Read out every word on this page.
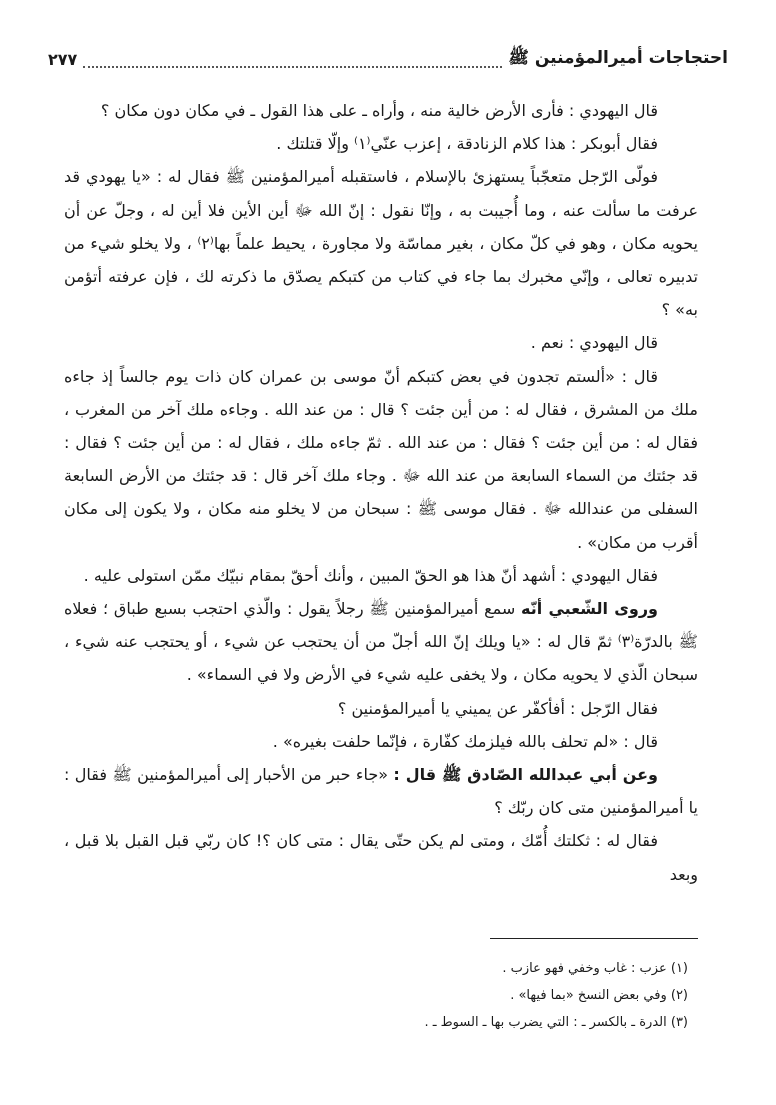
احتجاجات أميرالمؤمنين ﷺ
٢٧٧

قال اليهودي : فأرى الأرض خالية منه ، وأراه ـ على هذا القول ـ في مكان دون مكان ؟

فقال أبوبكر : هذا كلام الزنادقة ، إعزب عنّي⁽١⁾ وإلّا قتلتك .

فولّى الرّجل متعجّباً يستهزئ بالإسلام ، فاستقبله أميرالمؤمنين ﷺ فقال له : «يا يهودي قد عرفت ما سألت عنه ، وما أُجيبت به ، وإنّا نقول : إنّ الله ﷻ أين الأين فلا أين له ، وجلّ عن أن يحويه مكان ، وهو في كلّ مكان ، بغير مماسّة ولا مجاورة ، يحيط علماً بها⁽٢⁾ ، ولا يخلو شيء من تدبيره تعالى ، وإنّي مخبرك بما جاء في كتاب من كتبكم يصدّق ما ذكرته لك ، فإن عرفته أتؤمن به» ؟

قال اليهودي : نعم .

قال : «ألستم تجدون في بعض كتبكم أنّ موسى بن عمران كان ذات يوم جالساً إذ جاءه ملك من المشرق ، فقال له : من أين جئت ؟ قال : من عند الله . وجاءه ملك آخر من المغرب ، فقال له : من أين جئت ؟ فقال : من عند الله . ثمّ جاءه ملك ، فقال له : من أين جئت ؟ فقال : قد جئتك من السماء السابعة من عند الله ﷻ . وجاء ملك آخر قال : قد جئتك من الأرض السابعة السفلى من عندالله ﷻ . فقال موسى ﷺ : سبحان من لا يخلو منه مكان ، ولا يكون إلى مكان أقرب من مكان» .

فقال اليهودي : أشهد أنّ هذا هو الحقّ المبين ، وأنك أحقّ بمقام نبيّك ممّن استولى عليه .

وروى الشّعبي أنّه سمع أميرالمؤمنين ﷺ رجلاً يقول : والّذي احتجب بسبع طباق ؛ فعلاه ﷺ بالدرّة⁽٣⁾ ثمّ قال له : «يا ويلك إنّ الله أجلّ من أن يحتجب عن شيء ، أو يحتجب عنه شيء ، سبحان الّذي لا يحويه مكان ، ولا يخفى عليه شيء في الأرض ولا في السماء» .

فقال الرّجل : أفأكفّر عن يميني يا أميرالمؤمنين ؟

قال : «لم تحلف بالله فيلزمك كفّارة ، فإنّما حلفت بغيره» .

وعن أبي عبدالله الصّادق ﷺ قال : «جاء حبر من الأحبار إلى أميرالمؤمنين ﷺ فقال : يا أميرالمؤمنين متى كان ربّك ؟

فقال له : ثكلتك أُمّك ، ومتى لم يكن حتّى يقال : متى كان ؟! كان ربّي قبل القبل بلا قبل ، وبعد

(١) عزب : غاب وخفي فهو عازب .

(٢) وفي بعض النسخ «بما فيها» .

(٣) الدرة ـ بالكسر ـ : التي يضرب بها ـ السوط ـ .
